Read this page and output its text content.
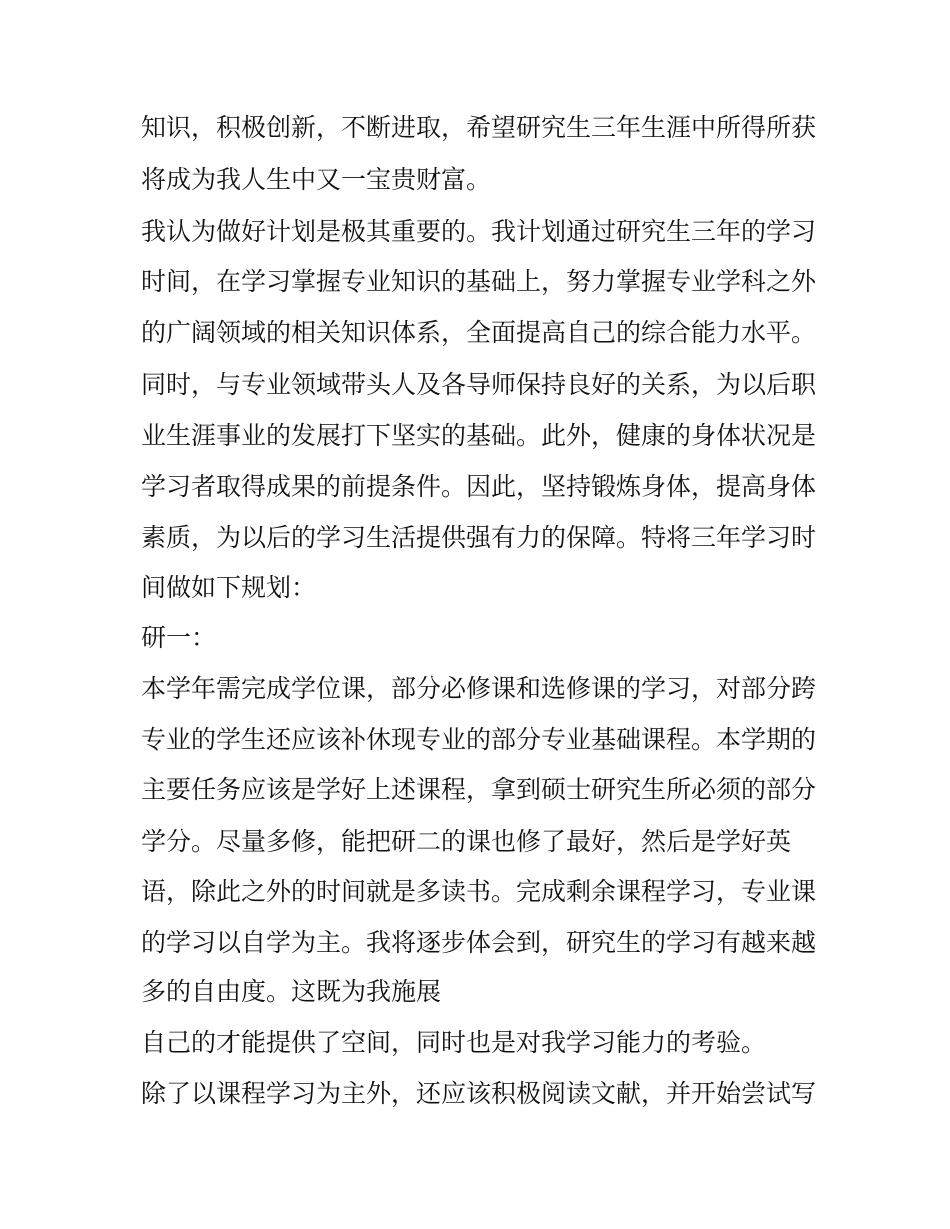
知识，积极创新，不断进取，希望研究生三年生涯中所得所获
将成为我人生中又一宝贵财富。
我认为做好计划是极其重要的。我计划通过研究生三年的学习
时间，在学习掌握专业知识的基础上，努力掌握专业学科之外
的广阔领域的相关知识体系，全面提高自己的综合能力水平。
同时，与专业领域带头人及各导师保持良好的关系，为以后职
业生涯事业的发展打下坚实的基础。此外，健康的身体状况是
学习者取得成果的前提条件。因此，坚持锻炼身体，提高身体
素质，为以后的学习生活提供强有力的保障。特将三年学习时
间做如下规划：
研一：
本学年需完成学位课，部分必修课和选修课的学习，对部分跨
专业的学生还应该补休现专业的部分专业基础课程。本学期的
主要任务应该是学好上述课程，拿到硕士研究生所必须的部分
学分。尽量多修，能把研二的课也修了最好，然后是学好英
语，除此之外的时间就是多读书。完成剩余课程学习，专业课
的学习以自学为主。我将逐步体会到，研究生的学习有越来越
多的自由度。这既为我施展
自己的才能提供了空间，同时也是对我学习能力的考验。
除了以课程学习为主外，还应该积极阅读文献，并开始尝试写
